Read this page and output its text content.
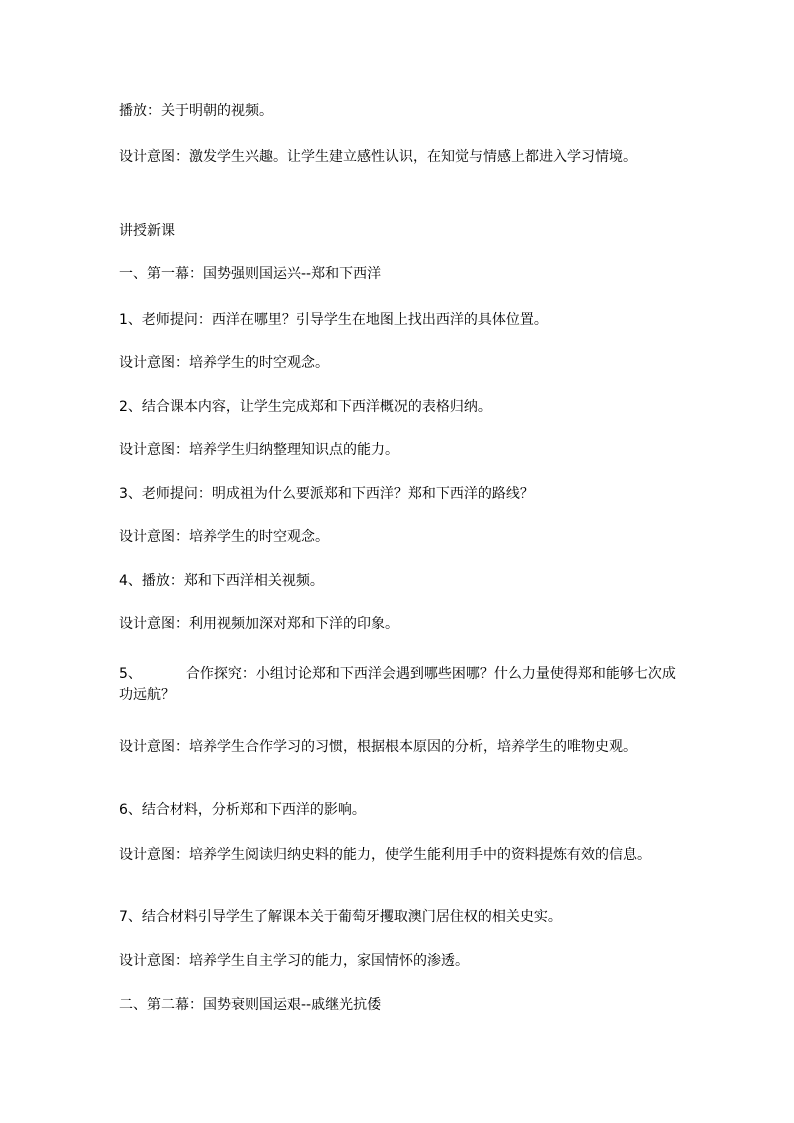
播放：关于明朝的视频。
设计意图：激发学生兴趣。让学生建立感性认识，在知觉与情感上都进入学习情境。
讲授新课
一、第一幕：国势强则国运兴--郑和下西洋
1、老师提问：西洋在哪里？引导学生在地图上找出西洋的具体位置。
设计意图：培养学生的时空观念。
2、结合课本内容，让学生完成郑和下西洋概况的表格归纳。
设计意图：培养学生归纳整理知识点的能力。
3、老师提问：明成祖为什么要派郑和下西洋？郑和下西洋的路线？
设计意图：培养学生的时空观念。
4、播放：郑和下西洋相关视频。
设计意图：利用视频加深对郑和下洋的印象。
5、	合作探究：小组讨论郑和下西洋会遇到哪些困哪？什么力量使得郑和能够七次成功远航？
设计意图：培养学生合作学习的习惯，根据根本原因的分析，培养学生的唯物史观。
6、结合材料，分析郑和下西洋的影响。
设计意图：培养学生阅读归纳史料的能力，使学生能利用手中的资料提炼有效的信息。
7、结合材料引导学生了解课本关于葡萄牙攫取澳门居住权的相关史实。
设计意图：培养学生自主学习的能力，家国情怀的渗透。
二、第二幕：国势衰则国运艰--戚继光抗倭
